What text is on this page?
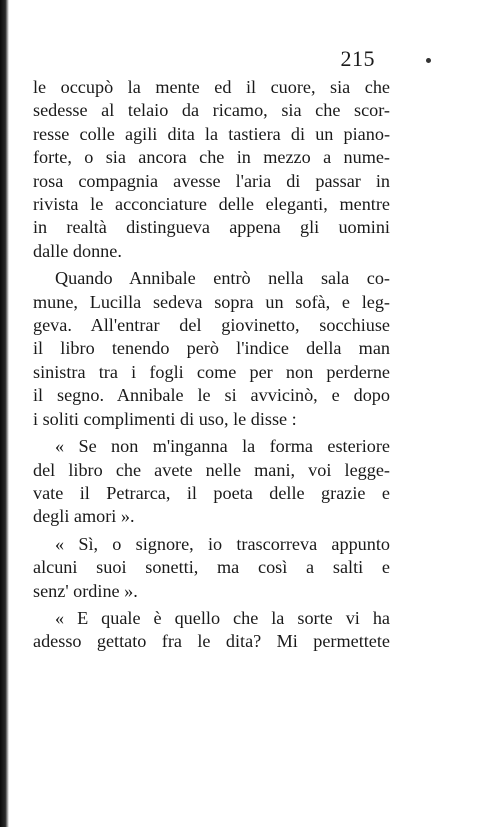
215

le occupò la mente ed il cuore, sia che
sedesse al telaio da ricamo, sia che scor-
resse colle agili dita la tastiera di un piano-
forte, o sia ancora che in mezzo a nume-
rosa compagnia avesse l'aria di passar in
rivista le acconciature delle eleganti, mentre
in realtà distingueva appena gli uomini
dalle donne.

Quando Annibale entrò nella sala co-
mune, Lucilla sedeva sopra un sofà, e leg-
geva. All'entrar del giovinetto, socchiuse
il libro tenendo però l'indice della man
sinistra tra i fogli come per non perderne
il segno. Annibale le si avvicinò, e dopo
i soliti complimenti di uso, le disse :

« Se non m'inganna la forma esteriore
del libro che avete nelle mani, voi legge-
vate il Petrarca, il poeta delle grazie e
degli amori ».

« Sì, o signore, io trascorreva appunto
alcuni suoi sonetti, ma così a salti e
senz' ordine ».

« E quale è quello che la sorte vi ha
adesso gettato fra le dita? Mi permettete
